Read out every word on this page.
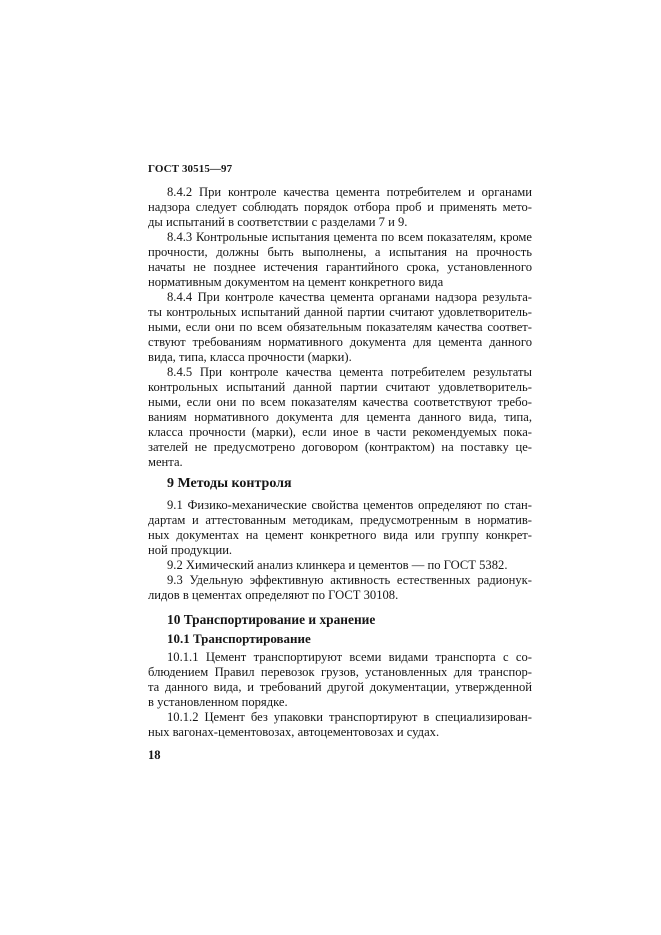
ГОСТ 30515—97
8.4.2 При контроле качества цемента потребителем и органами
надзора следует соблюдать порядок отбора проб и применять мето-
ды испытаний в соответствии с разделами 7 и 9.
8.4.3 Контрольные испытания цемента по всем показателям, кроме
прочности, должны быть выполнены, а испытания на прочность
начаты не позднее истечения гарантийного срока, установленного
нормативным документом на цемент конкретного вида
8.4.4 При контроле качества цемента органами надзора результа-
ты контрольных испытаний данной партии считают удовлетворитель-
ными, если они по всем обязательным показателям качества соответ-
ствуют требованиям нормативного документа для цемента данного
вида, типа, класса прочности (марки).
8.4.5 При контроле качества цемента потребителем результаты
контрольных испытаний данной партии считают удовлетворитель-
ными, если они по всем показателям качества соответствуют требо-
ваниям нормативного документа для цемента данного вида, типа,
класса прочности (марки), если иное в части рекомендуемых пока-
зателей не предусмотрено договором (контрактом) на поставку це-
мента.
9 Методы контроля
9.1 Физико-механические свойства цементов определяют по стан-
дартам и аттестованным методикам, предусмотренным в норматив-
ных документах на цемент конкретного вида или группу конкрет-
ной продукции.
9.2 Химический анализ клинкера и цементов — по ГОСТ 5382.
9.3 Удельную эффективную активность естественных радионук-
лидов в цементах определяют по ГОСТ 30108.
10 Транспортирование и хранение
10.1 Транспортирование
10.1.1 Цемент транспортируют всеми видами транспорта с со-
блюдением Правил перевозок грузов, установленных для транспор-
та данного вида, и требований другой документации, утвержденной
в установленном порядке.
10.1.2 Цемент без упаковки транспортируют в специализирован-
ных вагонах-цементовозах, автоцементовозах и судах.
18
